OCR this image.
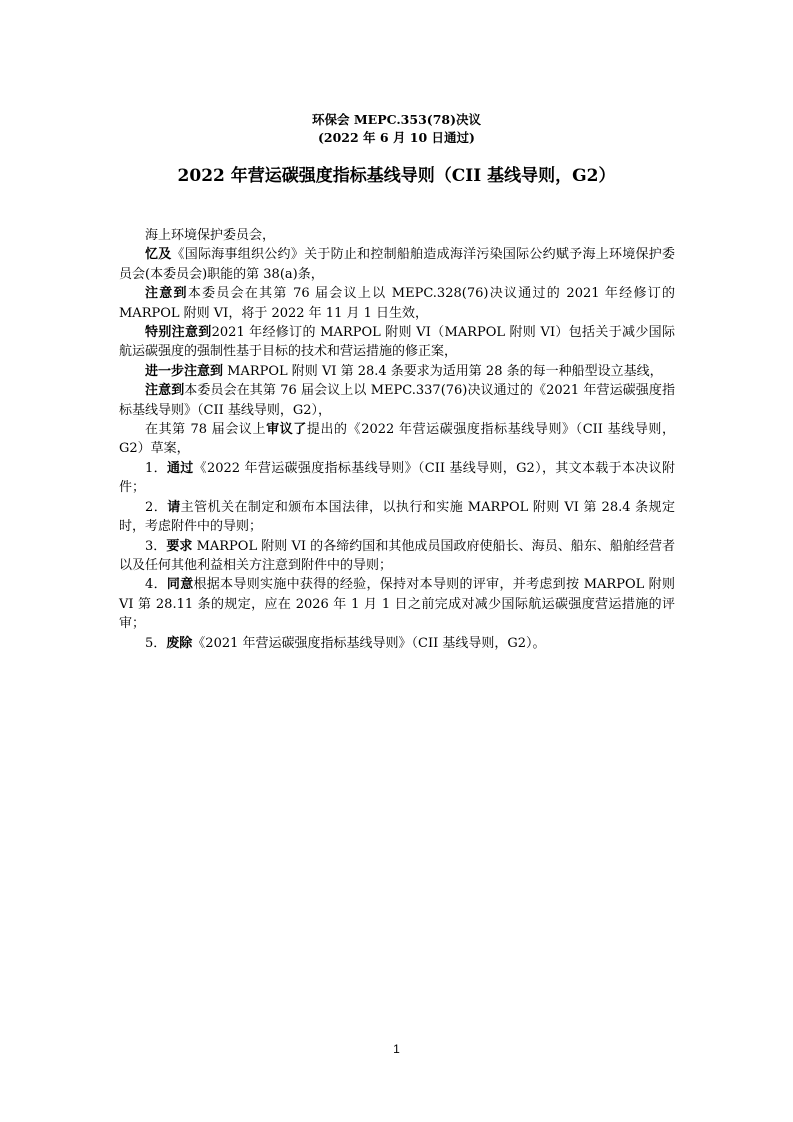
环保会 MEPC.353(78)决议
(2022 年 6 月 10 日通过)
2022 年营运碳强度指标基线导则（CII 基线导则，G2）

海上环境保护委员会，

忆及《国际海事组织公约》关于防止和控制船舶造成海洋污染国际公约赋予海上环境保护委员会(本委员会)职能的第 38(a)条，

注意到本委员会在其第 76 届会议上以 MEPC.328(76)决议通过的 2021 年经修订的 MARPOL 附则 VI，将于 2022 年 11 月 1 日生效，

特别注意到2021 年经修订的 MARPOL 附则 VI（MARPOL 附则 VI）包括关于减少国际航运碳强度的强制性基于目标的技术和营运措施的修正案，

进一步注意到 MARPOL 附则 VI 第 28.4 条要求为适用第 28 条的每一种船型设立基线，

注意到本委员会在其第 76 届会议上以 MEPC.337(76)决议通过的《2021 年营运碳强度指标基线导则》（CII 基线导则，G2），

在其第 78 届会议上审议了提出的《2022 年营运碳强度指标基线导则》（CII 基线导则，G2）草案，

1．通过《2022 年营运碳强度指标基线导则》（CII 基线导则，G2），其文本载于本决议附件；

2．请主管机关在制定和颁布本国法律，以执行和实施 MARPOL 附则 VI 第 28.4 条规定时，考虑附件中的导则；

3．要求 MARPOL 附则 VI 的各缔约国和其他成员国政府使船长、海员、船东、船舶经营者以及任何其他利益相关方注意到附件中的导则；

4．同意根据本导则实施中获得的经验，保持对本导则的评审，并考虑到按 MARPOL 附则 VI 第 28.11 条的规定，应在 2026 年 1 月 1 日之前完成对减少国际航运碳强度营运措施的评审；

5．废除《2021 年营运碳强度指标基线导则》（CII 基线导则，G2）。

1
